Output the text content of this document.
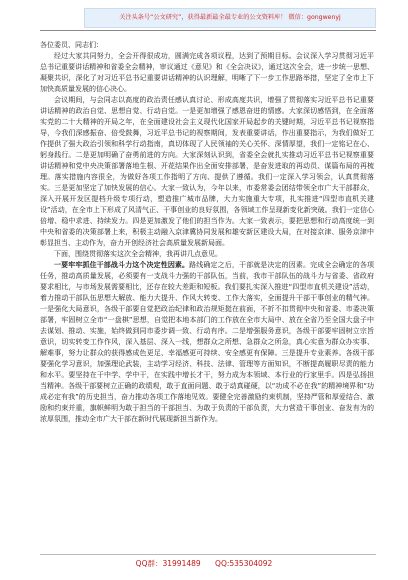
关注头条号“公文研究”，获得最新最全最专业的公文资料库！ 微信：gongwenyj

各位委员、同志们：

经过大家共同努力，全会开得很成功，圆满完成各项议程，达到了预期目标。会议深入学习贯彻习近平总书记重要讲话精神和省委全会精神，审议通过《意见》和《全会决议》，通过这次全会，进一步统一思想、凝聚共识，深化了对习近平总书记重要讲话精神的认识理解，明晰了下一步工作思路举措，坚定了全市上下加快高质量发展的信心决心。

会议期间，与会同志以高度的政治责任感认真讨论、形成高度共识，增强了贯彻落实习近平总书记重要讲话精神的政治自觉、思想自觉、行动自觉。一是更加增强了感恩奋进的情感。大家深切感悟到，在全面落实党的二十大精神的开局之年，在全面建设社会主义现代化国家开局起步的关键时期，习近平总书记视察指导，今我们深感振奋、倍受鼓舞，习近平总书记的视察期间，发表重要讲话，作出重要指示，为我们做好工作提供了强大政治引领和科学行动指南，真切体现了人民领袖的关心关怀、深情厚望，我们一定铭记在心、躬身践行。二是更加明确了奋勇前进的方向。大家深刻认识到，省委全会就扎实推动习近平总书记视察重要讲话精神和党中央决策部署落地生根、开花结果作出全面安排部署，是奋发进取的再动员、谋篇布局的再梳理。落实措施内容很全，为做好各项工作指明了方向、提供了遵循。我们一定深入学习领会，认真贯彻落实。三是更加坚定了加快发展的信心。大家一致认为，今年以来，市委常委会团结带领全市广大干部群众，深入开展开发区提档升级专项行动，塑造推广城市品牌，大力实施重大专项，扎实推进“四型市直机关建设”活动，在全市上下形成了风清气正、干事创业的良好氛围，各领域工作呈现新变化新突破。我们一定信心倍增、稳中求进、持续发力。四是更加激发了他们的担当作为。大家一致表示，要把思想和行动高度统一到中央和省委的决策部署上来，积极主动融入京津冀协同发展和雄安新区建设大局，在对接京津、服务京津中彰显担当、主动作为，奋力开创经济社会高质量发展新局面。

下面，围绕贯彻落实这次全会精神，我再讲几点意见。

一要牢牢抓住干部战斗力这个决定性因素。路线确定之后，干部就是决定的因素。完成全会确定的各项任务，推动高质量发展，必须要有一支战斗力强的干部队伍，当前，我市干部队伍的战斗力与省委、省政府要求相比，与市场发展需要相比，还存在较大差距和短板。我们要扎实深入推进“四型市直机关建设”活动，着力推动干部队伍思想大解放、能力大提升、作风大转变、工作大落实，全面提升干部干事创业的精气神。一是强化大局意识，各级干部要自觉把政治纪律和政治规矩挺在前面，不折不扣贯彻中央和省委、市委决策部署，牢固树立全市“一盘棋”思想，自觉把本地本部门的工作放在全市大局中、放在全省乃至全国大盘子中去谋划、推动、实施，始终做到同市委步调一致、行动有序。二是增强服务意识，各级干部要牢固树立宗旨意识，切实转变工作作风，深入基层、深入一线，想群众之所想、急群众之所急，真心实意为群众办实事、解难事，努力让群众的获得感成色更足、幸福感更可持续、安全感更有保障。三是提升专业素养。各级干部要强化学习意识，加强理论武装，主动学习经济、科技、法律、管理等方面知识，不断提高履职尽责的能力和水平。要坚持在干中学、学中干，在实践中增长才干，努力成为本领域、本行业的行家里手。四是弘扬担当精神。各级干部要树立正确的政绩观，敢于直面问题、敢于动真碰硬，以“功成不必在我”的精神境界和“功成必定有我”的历史担当，奋力推动各项工作落地见效。要健全完善激励约束机制，坚持严管和厚爱结合、激励和约束并重，旗帜鲜明为敢于担当的干部担当、为敢于负责的干部负责，大力营造干事创业、奋发有为的浓厚氛围，推动全市广大干部在新时代展现新担当新作为。

QQ群：31991489 QQ:535304092
